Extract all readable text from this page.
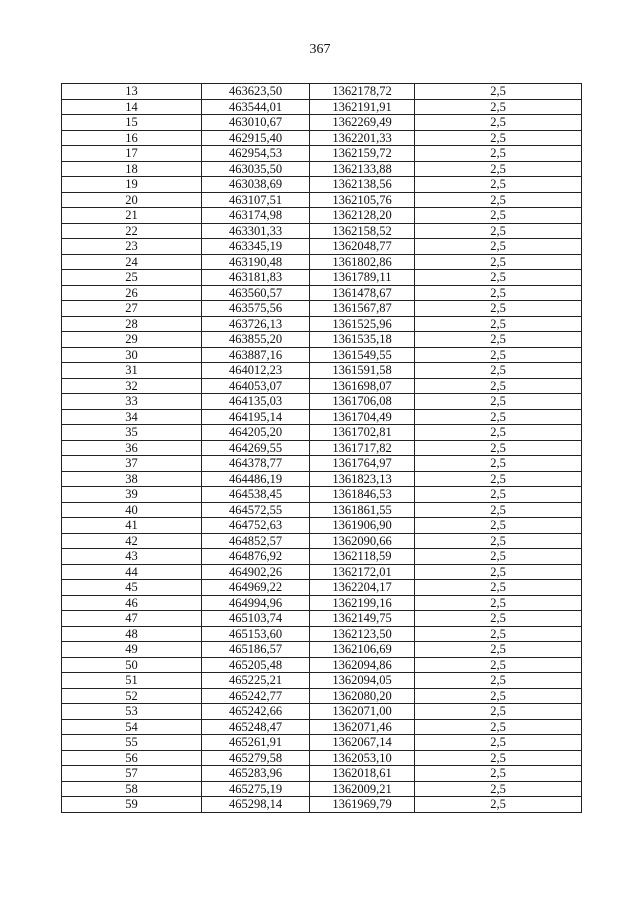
367
13	463623,50	1362178,72	2,5
14	463544,01	1362191,91	2,5
15	463010,67	1362269,49	2,5
16	462915,40	1362201,33	2,5
17	462954,53	1362159,72	2,5
18	463035,50	1362133,88	2,5
19	463038,69	1362138,56	2,5
20	463107,51	1362105,76	2,5
21	463174,98	1362128,20	2,5
22	463301,33	1362158,52	2,5
23	463345,19	1362048,77	2,5
24	463190,48	1361802,86	2,5
25	463181,83	1361789,11	2,5
26	463560,57	1361478,67	2,5
27	463575,56	1361567,87	2,5
28	463726,13	1361525,96	2,5
29	463855,20	1361535,18	2,5
30	463887,16	1361549,55	2,5
31	464012,23	1361591,58	2,5
32	464053,07	1361698,07	2,5
33	464135,03	1361706,08	2,5
34	464195,14	1361704,49	2,5
35	464205,20	1361702,81	2,5
36	464269,55	1361717,82	2,5
37	464378,77	1361764,97	2,5
38	464486,19	1361823,13	2,5
39	464538,45	1361846,53	2,5
40	464572,55	1361861,55	2,5
41	464752,63	1361906,90	2,5
42	464852,57	1362090,66	2,5
43	464876,92	1362118,59	2,5
44	464902,26	1362172,01	2,5
45	464969,22	1362204,17	2,5
46	464994,96	1362199,16	2,5
47	465103,74	1362149,75	2,5
48	465153,60	1362123,50	2,5
49	465186,57	1362106,69	2,5
50	465205,48	1362094,86	2,5
51	465225,21	1362094,05	2,5
52	465242,77	1362080,20	2,5
53	465242,66	1362071,00	2,5
54	465248,47	1362071,46	2,5
55	465261,91	1362067,14	2,5
56	465279,58	1362053,10	2,5
57	465283,96	1362018,61	2,5
58	465275,19	1362009,21	2,5
59	465298,14	1361969,79	2,5
